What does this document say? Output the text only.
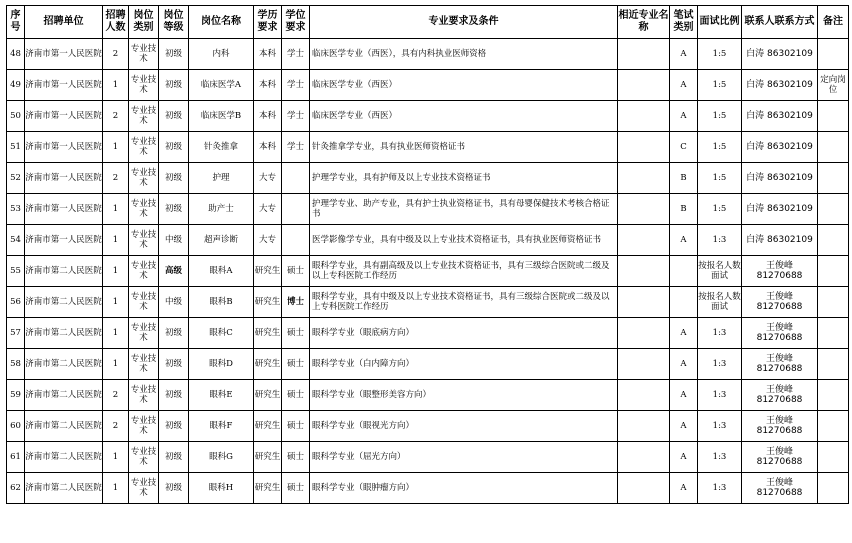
序号	招聘单位	招聘人数	岗位类别	岗位等级	岗位名称	学历要求	学位要求	专业要求及条件	相近专业名称	笔试类别	面试比例	联系人联系方式	备注
48	济南市第一人民医院	2	专业技术	初级	内科	本科	学士	临床医学专业（西医），具有内科执业医师资格		A	1:5	白涛 86302109	
49	济南市第一人民医院	1	专业技术	初级	临床医学A	本科	学士	临床医学专业（西医）		A	1:5	白涛 86302109	定向岗位
50	济南市第一人民医院	2	专业技术	初级	临床医学B	本科	学士	临床医学专业（西医）		A	1:5	白涛 86302109	
51	济南市第一人民医院	1	专业技术	初级	针灸推拿	本科	学士	针灸推拿学专业，具有执业医师资格证书		C	1:5	白涛 86302109	
52	济南市第一人民医院	2	专业技术	初级	护理	大专		护理学专业，具有护师及以上专业技术资格证书		B	1:5	白涛 86302109	
53	济南市第一人民医院	1	专业技术	初级	助产士	大专		护理学专业、助产专业，具有护士执业资格证书，具有母婴保健技术考核合格证书		B	1:5	白涛 86302109	
54	济南市第一人民医院	1	专业技术	中级	超声诊断	大专		医学影像学专业，具有中级及以上专业技术资格证书，具有执业医师资格证书		A	1:3	白涛 86302109	
55	济南市第二人民医院	1	专业技术	高级	眼科A	研究生	硕士	眼科学专业，具有副高级及以上专业技术资格证书，具有三级综合医院或二级及以上专科医院工作经历			按报名人数面试	王俊峰 81270688	
56	济南市第二人民医院	1	专业技术	中级	眼科B	研究生	博士	眼科学专业，具有中级及以上专业技术资格证书，具有三级综合医院或二级及以上专科医院工作经历			按报名人数面试	王俊峰 81270688	
57	济南市第二人民医院	1	专业技术	初级	眼科C	研究生	硕士	眼科学专业（眼底病方向）		A	1:3	王俊峰 81270688	
58	济南市第二人民医院	1	专业技术	初级	眼科D	研究生	硕士	眼科学专业（白内障方向）		A	1:3	王俊峰 81270688	
59	济南市第二人民医院	2	专业技术	初级	眼科E	研究生	硕士	眼科学专业（眼整形美容方向）		A	1:3	王俊峰 81270688	
60	济南市第二人民医院	2	专业技术	初级	眼科F	研究生	硕士	眼科学专业（眼视光方向）		A	1:3	王俊峰 81270688	
61	济南市第二人民医院	1	专业技术	初级	眼科G	研究生	硕士	眼科学专业（屈光方向）		A	1:3	王俊峰 81270688	
62	济南市第二人民医院	1	专业技术	初级	眼科H	研究生	硕士	眼科学专业（眼肿瘤方向）		A	1:3	王俊峰 81270688	
